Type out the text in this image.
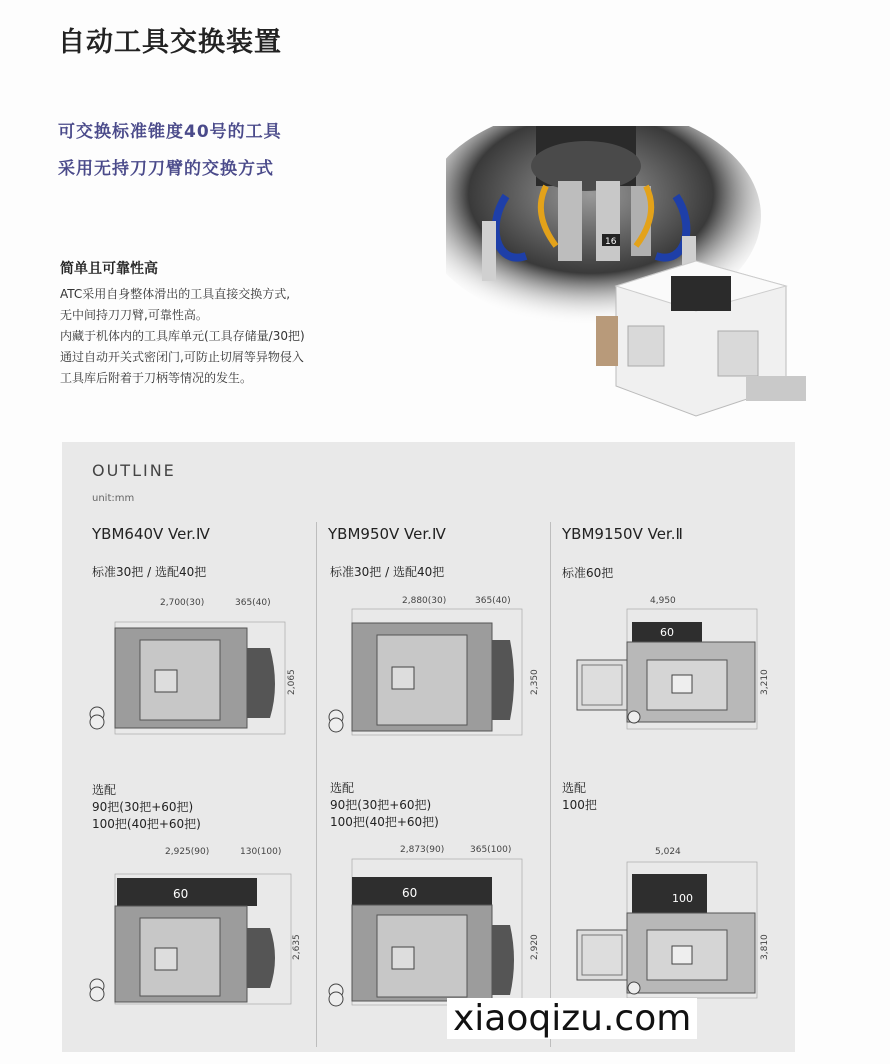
自动工具交换装置
可交换标准锥度40号的工具
采用无持刀刀臂的交换方式
简单且可靠性高
ATC采用自身整体滑出的工具直接交换方式,
无中间持刀刀臂,可靠性高。
内藏于机体内的工具库单元(工具存储量/30把)
通过自动开关式密闭门,可防止切屑等异物侵入
工具库后附着于刀柄等情况的发生。
16
OUTLINE
unit:mm
YBM640V Ver.Ⅳ
标准30把 / 选配40把
2,700(30)	365(40)
2,065
选配
90把(30把+60把)
100把(40把+60把)
2,925(90)	130(100)
2,635
60
YBM950V Ver.Ⅳ
标准30把 / 选配40把
2,880(30)	365(40)
2,350
选配
90把(30把+60把)
100把(40把+60把)
2,873(90)	365(100)
2,920
60
YBM9150V Ver.Ⅱ
标准60把
4,950
3,210
60
选配
100把
5,024
3,810
100
xiaoqizu.com
